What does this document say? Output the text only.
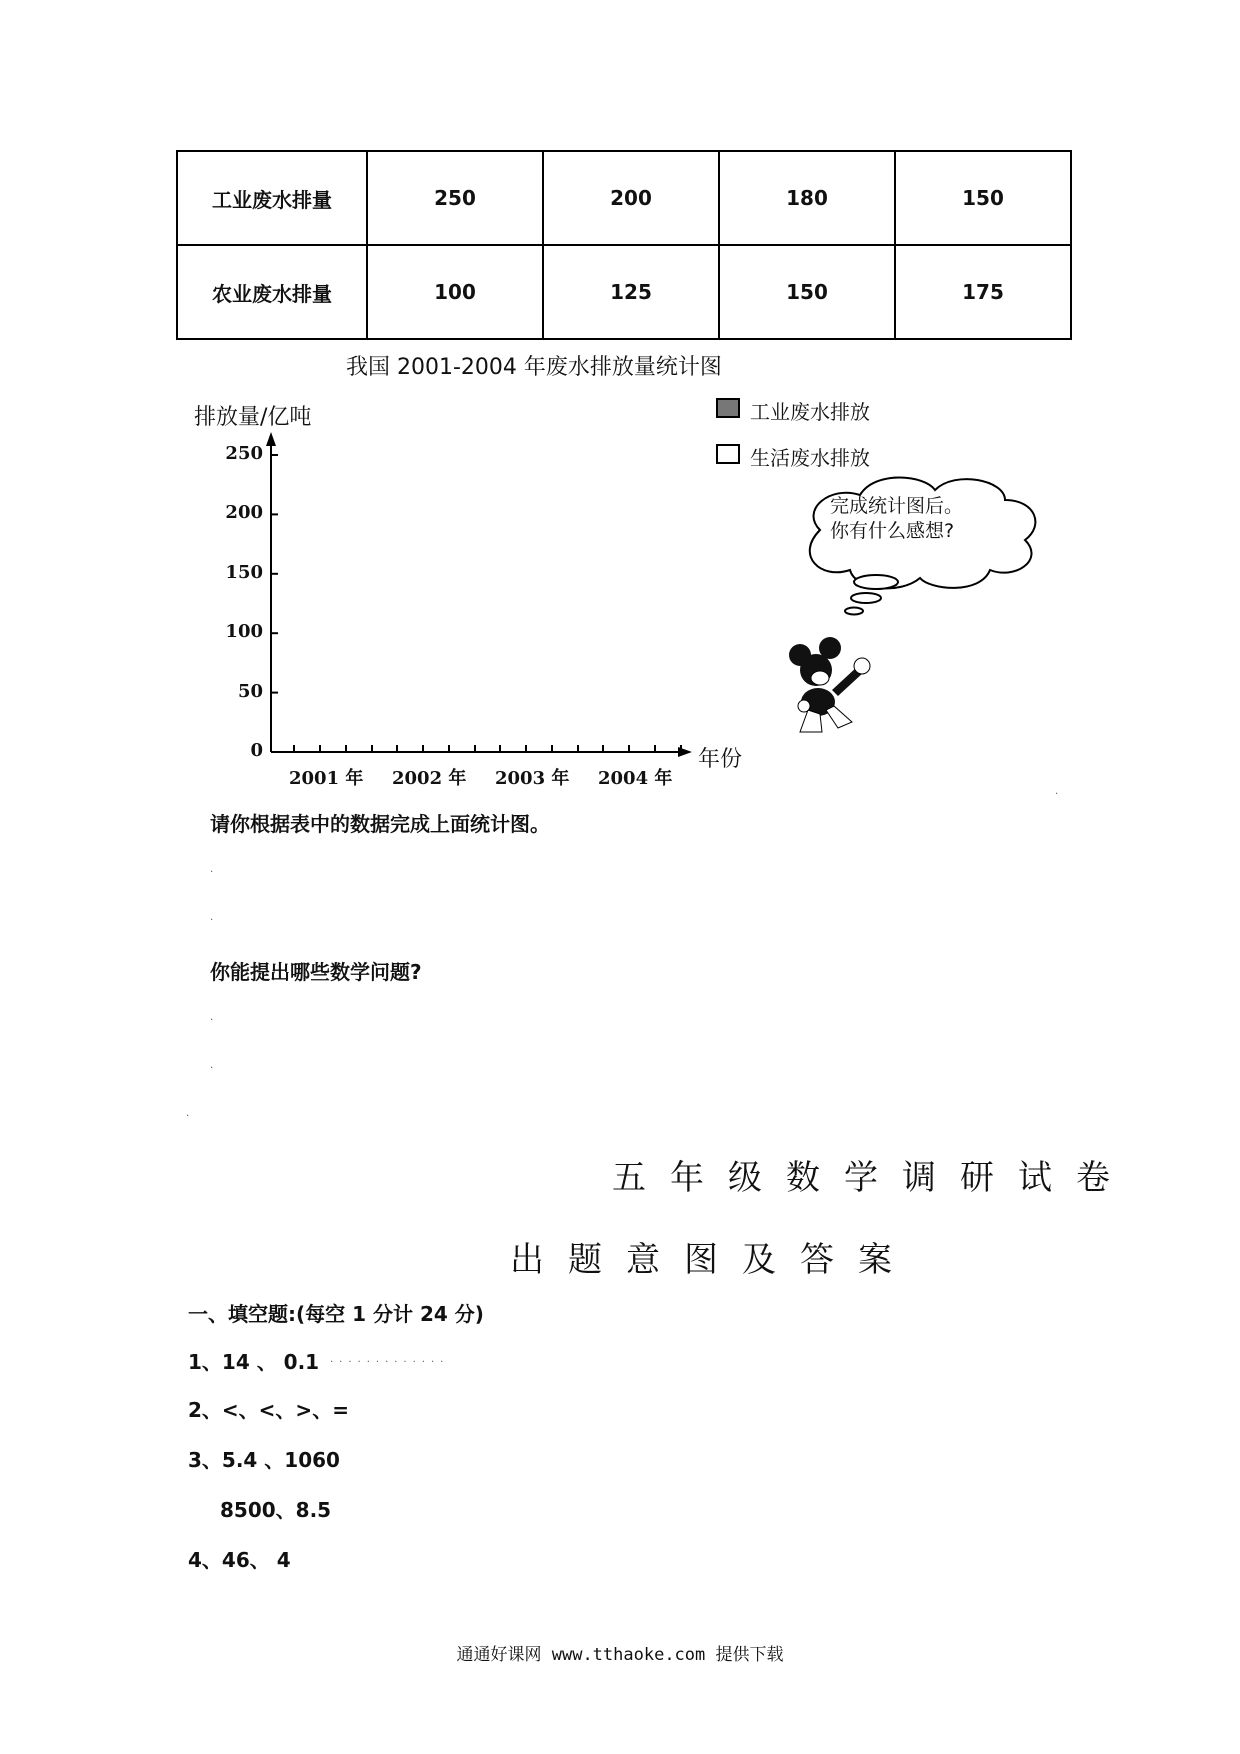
工业废水排量	250	200	180	150
农业废水排量	100	125	150	175
我国 2001-2004 年废水排放量统计图
排放量/亿吨
年份
0
50
100
150
200
250
2001 年 2002 年 2003 年 2004 年
工业废水排放
生活废水排放
完成统计图后。
你有什么感想?
请你根据表中的数据完成上面统计图。
.
.
.
你能提出哪些数学问题?
.
.
.
五年级数学调研试卷
出题意图及答案
一、填空题:(每空 1 分计 24 分)
1、14 、 0.1 .............
2、<、<、>、=
3、5.4 、1060
8500、8.5
4、46、 4
通通好课网 www.tthaoke.com 提供下载
